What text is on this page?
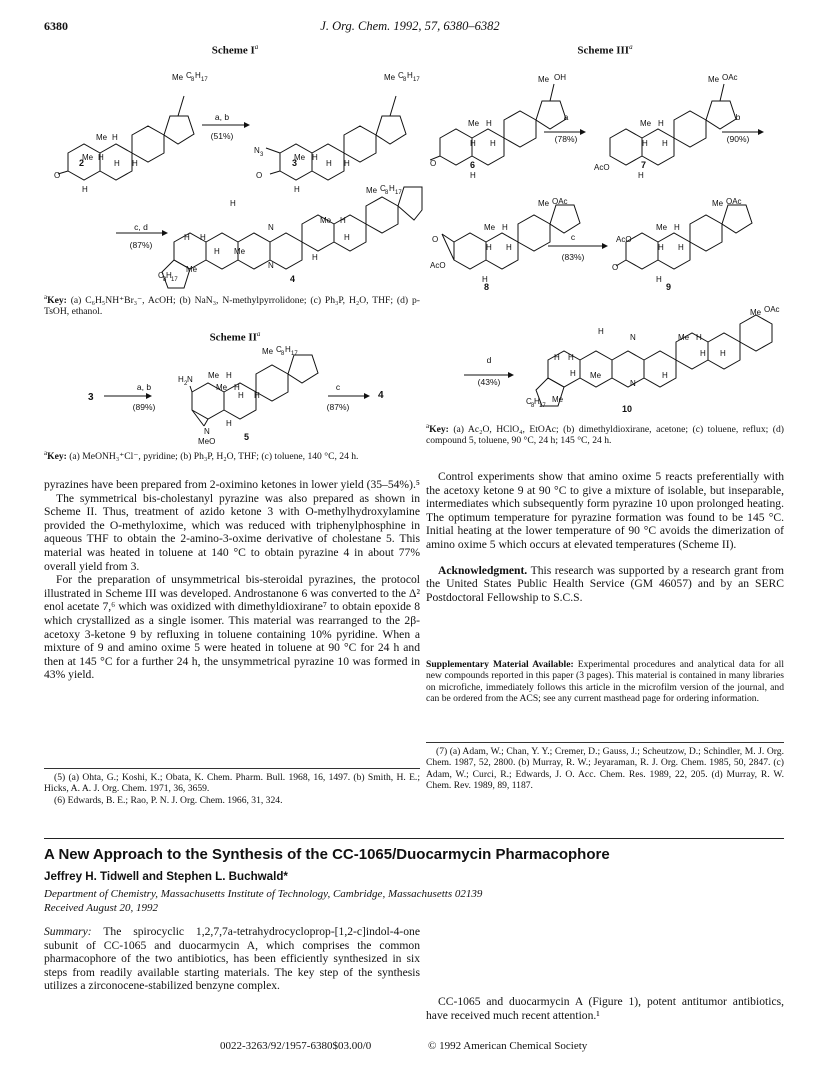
6380	J. Org. Chem. 1992, 57, 6380–6382
Scheme $I^a$
Me H
Me H
O
H
H H
Me C 8 H 17
N 3	Me H
O
H
H H
Me C 8 H 17
H
H H
H Me
N
N
Me H
H
H
Me C 8 H 17
C 8 H 17
Me
a, b
(51%)
c, d
(87%)
2	3
4
$^a$Key: (a) C₆H₅NH⁺Br₃⁻, AcOH; (b) NaN₃, N-methylpyrrolidone; (c) Ph₃P, H₂O, THF; (d) p-TsOH, ethanol.
Scheme $II^a$
3
Me C 8 H 17
H 2 N Me H
H H
Me H
N
MeO
H
a, b
(89%)
c
(87%)
4
5
$^a$Key: (a) MeONH₃⁺Cl⁻, pyridine; (b) Ph₃P, H₂O, THF; (c) toluene, 140 °C, 24 h.
Scheme III$^a$
Me OH
Me H
H H
O
H
Me OAc
Me H
H H
AcO
H
Me OAc
Me H
H H
O
AcO
H
Me OAc
AcO
Me H
H H
O
H
Me OAc
H
N
N
Me H
H H
H H
H Me	H
C 8 H 17
Me
a
(78%)
b
(90%)
c
(83%)
d
(43%)
6	7
8	9
10
$^a$Key: (a) Ac₂O, HClO₄, EtOAc; (b) dimethyldioxirane, acetone; (c) toluene, reflux; (d) compound 5, toluene, 90 °C, 24 h; 145 °C, 24 h.

pyrazines have been prepared from 2-oximino ketones in lower yield (35–54%).⁵

The symmetrical bis-cholestanyl pyrazine was also prepared as shown in Scheme II. Thus, treatment of azido ketone 3 with O-methylhydroxylamine provided the O-methyloxime, which was reduced with triphenylphosphine in aqueous THF to obtain the 2-amino-3-oxime derivative of cholestane 5. This material was heated in toluene at 140 °C to obtain pyrazine 4 in about 77% overall yield from 3.

For the preparation of unsymmetrical bis-steroidal pyrazines, the protocol illustrated in Scheme III was developed. Androstanone 6 was converted to the Δ² enol acetate 7,⁶ which was oxidized with dimethyldioxirane⁷ to obtain epoxide 8 which crystallized as a single isomer. This material was rearranged to the 2β-acetoxy 3-ketone 9 by refluxing in toluene containing 10% pyridine. When a mixture of 9 and amino oxime 5 were heated in toluene at 90 °C for 24 h and then at 145 °C for a further 24 h, the unsymmetrical pyrazine 10 was formed in 43% yield.

(5) (a) Ohta, G.; Koshi, K.; Obata, K. Chem. Pharm. Bull. 1968, 16, 1497. (b) Smith, H. E.; Hicks, A. A. J. Org. Chem. 1971, 36, 3659.
(6) Edwards, B. E.; Rao, P. N. J. Org. Chem. 1966, 31, 324.

Control experiments show that amino oxime 5 reacts preferentially with the acetoxy ketone 9 at 90 °C to give a mixture of isolable, but inseparable, intermediates which subsequently form pyrazine 10 upon prolonged heating. The optimum temperature for pyrazine formation was found to be 145 °C. Initial heating at the lower temperature of 90 °C avoids the dimerization of amino oxime 5 which occurs at elevated temperatures (Scheme II).

Acknowledgment. This research was supported by a research grant from the United States Public Health Service (GM 46057) and by an SERC Postdoctoral Fellowship to S.C.S.

Supplementary Material Available: Experimental procedures and analytical data for all new compounds reported in this paper (3 pages). This material is contained in many libraries on microfiche, immediately follows this article in the microfilm version of the journal, and can be ordered from the ACS; see any current masthead page for ordering information.
(7) (a) Adam, W.; Chan, Y. Y.; Cremer, D.; Gauss, J.; Scheutzow, D.; Schindler, M. J. Org. Chem. 1987, 52, 2800. (b) Murray, R. W.; Jeyaraman, R. J. Org. Chem. 1985, 50, 2847. (c) Adam, W.; Curci, R.; Edwards, J. O. Acc. Chem. Res. 1989, 22, 205. (d) Murray, R. W. Chem. Rev. 1989, 89, 1187.
A New Approach to the Synthesis of the CC-1065/Duocarmycin Pharmacophore
Jeffrey H. Tidwell and Stephen L. Buchwald*
Department of Chemistry, Massachusetts Institute of Technology, Cambridge, Massachusetts 02139
Received August 20, 1992

Summary: The spirocyclic 1,2,7,7a-tetrahydrocycloprop-[1,2-c]indol-4-one subunit of CC-1065 and duocarmycin A, which comprises the common pharmacophore of the two antibiotics, has been efficiently synthesized in six steps from readily available starting materials. The key step of the synthesis utilizes a zirconocene-stabilized benzyne complex.

CC-1065 and duocarmycin A (Figure 1), potent antitumor antibiotics, have received much recent attention.¹

0022-3263/92/1957-6380$03.00/0	© 1992 American Chemical Society
